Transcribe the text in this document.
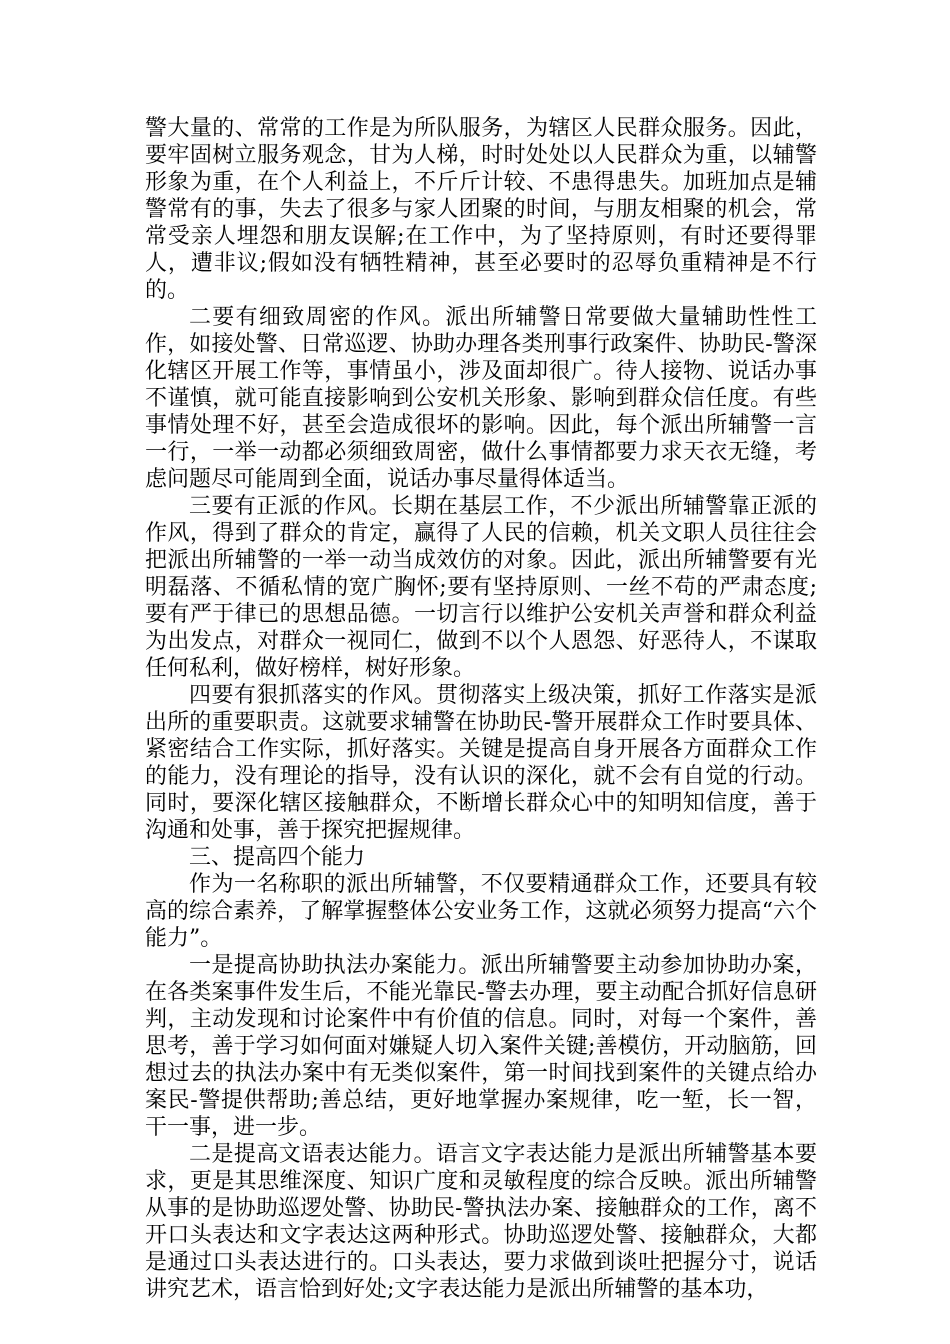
警大量的、常常的工作是为所队服务，为辖区人民群众服务。因此，要牢固树立服务观念，甘为人梯，时时处处以人民群众为重，以辅警形象为重，在个人利益上，不斤斤计较、不患得患失。加班加点是辅警常有的事，失去了很多与家人团聚的时间，与朋友相聚的机会，常常受亲人埋怨和朋友误解;在工作中，为了坚持原则，有时还要得罪人，遭非议;假如没有牺牲精神，甚至必要时的忍辱负重精神是不行的。

二要有细致周密的作风。派出所辅警日常要做大量辅助性性工作，如接处警、日常巡逻、协助办理各类刑事行政案件、协助民-警深化辖区开展工作等，事情虽小，涉及面却很广。待人接物、说话办事不谨慎，就可能直接影响到公安机关形象、影响到群众信任度。有些事情处理不好，甚至会造成很坏的影响。因此，每个派出所辅警一言一行，一举一动都必须细致周密，做什么事情都要力求天衣无缝，考虑问题尽可能周到全面，说话办事尽量得体适当。

三要有正派的作风。长期在基层工作，不少派出所辅警靠正派的作风，得到了群众的肯定，赢得了人民的信赖，机关文职人员往往会把派出所辅警的一举一动当成效仿的对象。因此，派出所辅警要有光明磊落、不循私情的宽广胸怀;要有坚持原则、一丝不苟的严肃态度;要有严于律已的思想品德。一切言行以维护公安机关声誉和群众利益为出发点，对群众一视同仁，做到不以个人恩怨、好恶待人，不谋取任何私利，做好榜样，树好形象。

四要有狠抓落实的作风。贯彻落实上级决策，抓好工作落实是派出所的重要职责。这就要求辅警在协助民-警开展群众工作时要具体、紧密结合工作实际，抓好落实。关键是提高自身开展各方面群众工作的能力，没有理论的指导，没有认识的深化，就不会有自觉的行动。同时，要深化辖区接触群众，不断增长群众心中的知明知信度，善于沟通和处事，善于探究把握规律。

三、提高四个能力

作为一名称职的派出所辅警，不仅要精通群众工作，还要具有较高的综合素养，了解掌握整体公安业务工作，这就必须努力提高“六个能力”。

一是提高协助执法办案能力。派出所辅警要主动参加协助办案，在各类案事件发生后，不能光靠民-警去办理，要主动配合抓好信息研判，主动发现和讨论案件中有价值的信息。同时，对每一个案件，善思考，善于学习如何面对嫌疑人切入案件关键;善模仿，开动脑筋，回想过去的执法办案中有无类似案件，第一时间找到案件的关键点给办案民-警提供帮助;善总结，更好地掌握办案规律，吃一堑，长一智，干一事，进一步。

二是提高文语表达能力。语言文字表达能力是派出所辅警基本要求，更是其思维深度、知识广度和灵敏程度的综合反映。派出所辅警从事的是协助巡逻处警、协助民-警执法办案、接触群众的工作，离不开口头表达和文字表达这两种形式。协助巡逻处警、接触群众，大都是通过口头表达进行的。口头表达，要力求做到谈吐把握分寸，说话讲究艺术，语言恰到好处;文字表达能力是派出所辅警的基本功，
